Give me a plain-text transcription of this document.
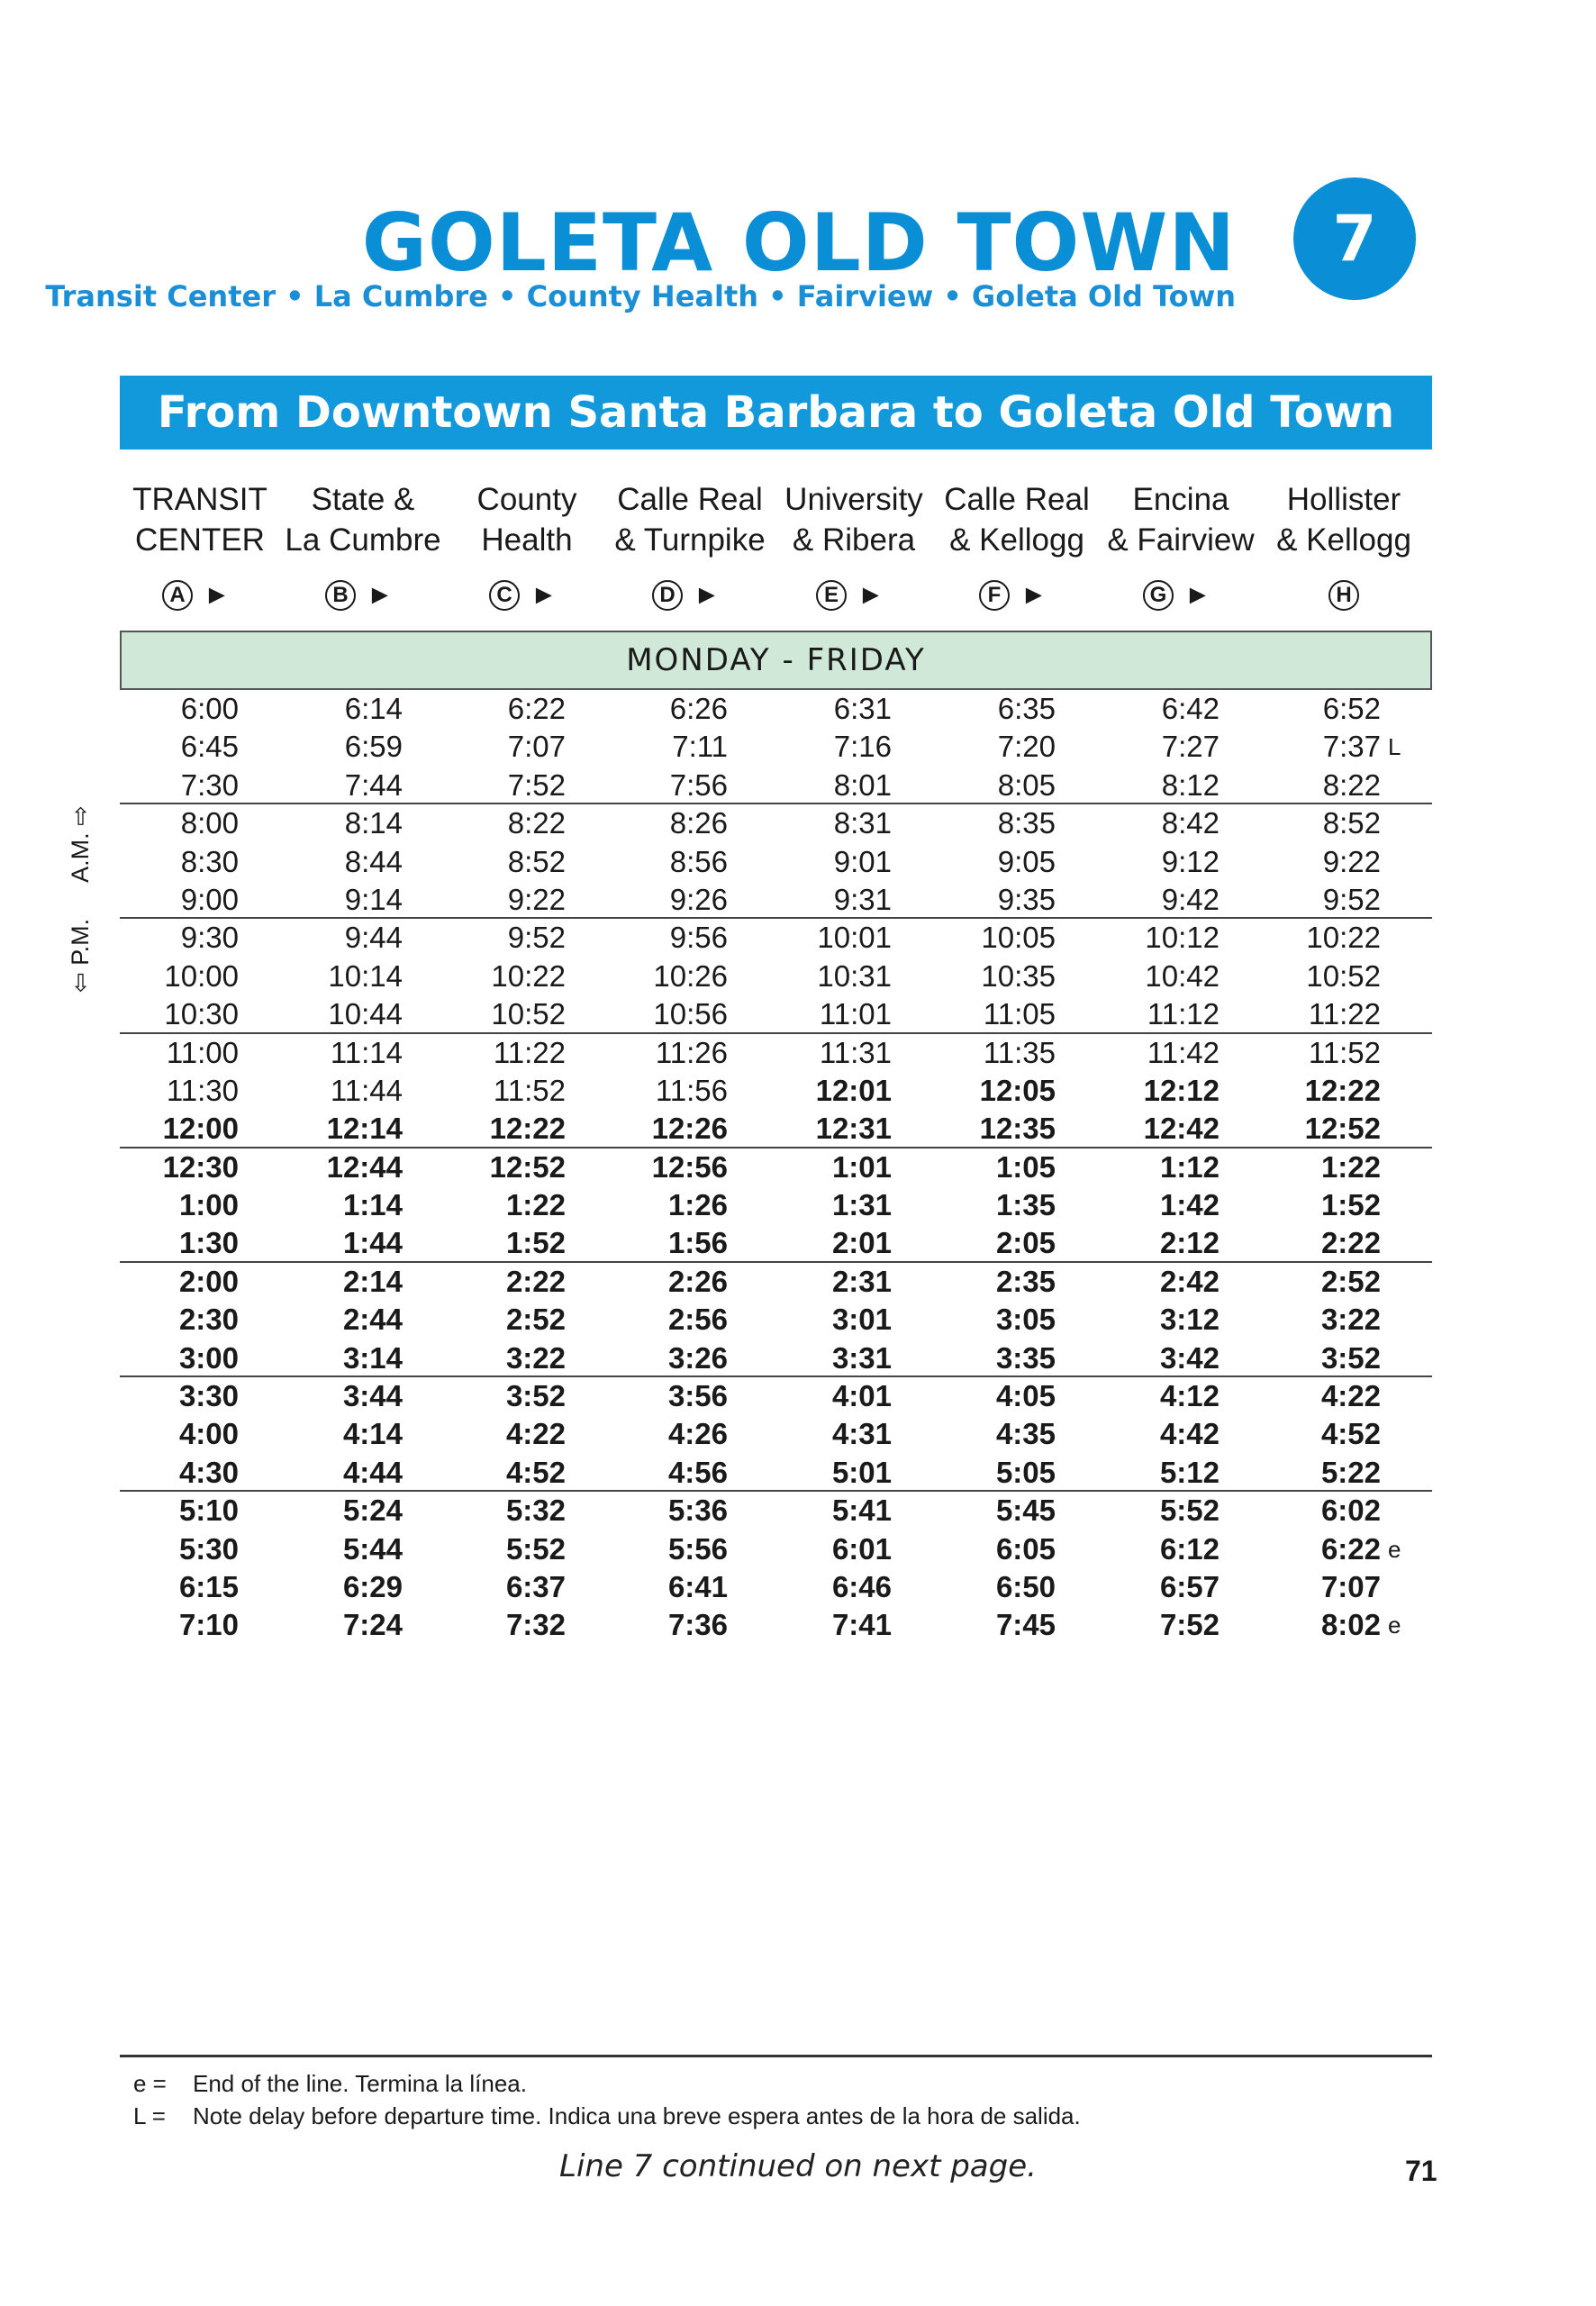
GOLETA OLD TOWN
Transit Center • La Cumbre • County Health • Fairview • Goleta Old Town
7
From Downtown Santa Barbara to Goleta Old Town
TRANSIT
CENTER
A ►
State &
La Cumbre
B ►
County
Health
C ►
Calle Real
& Turnpike
D ►
University
& Ribera
E ►
Calle Real
& Kellogg
F ►
Encina
& Fairview
G ►
Hollister
& Kellogg
H
MONDAY - FRIDAY
⇦ P.M.
A.M. ⇨
6:00	6:14	6:22	6:26	6:31	6:35	6:42	6:52
6:45	6:59	7:07	7:11	7:16	7:20	7:27	7:37 L
7:30	7:44	7:52	7:56	8:01	8:05	8:12	8:22
8:00	8:14	8:22	8:26	8:31	8:35	8:42	8:52
8:30	8:44	8:52	8:56	9:01	9:05	9:12	9:22
9:00	9:14	9:22	9:26	9:31	9:35	9:42	9:52
9:30	9:44	9:52	9:56	10:01	10:05	10:12	10:22
10:00	10:14	10:22	10:26	10:31	10:35	10:42	10:52
10:30	10:44	10:52	10:56	11:01	11:05	11:12	11:22
11:00	11:14	11:22	11:26	11:31	11:35	11:42	11:52
11:30	11:44	11:52	11:56	12:01	12:05	12:12	12:22
12:00	12:14	12:22	12:26	12:31	12:35	12:42	12:52
12:30	12:44	12:52	12:56	1:01	1:05	1:12	1:22
1:00	1:14	1:22	1:26	1:31	1:35	1:42	1:52
1:30	1:44	1:52	1:56	2:01	2:05	2:12	2:22
2:00	2:14	2:22	2:26	2:31	2:35	2:42	2:52
2:30	2:44	2:52	2:56	3:01	3:05	3:12	3:22
3:00	3:14	3:22	3:26	3:31	3:35	3:42	3:52
3:30	3:44	3:52	3:56	4:01	4:05	4:12	4:22
4:00	4:14	4:22	4:26	4:31	4:35	4:42	4:52
4:30	4:44	4:52	4:56	5:01	5:05	5:12	5:22
5:10	5:24	5:32	5:36	5:41	5:45	5:52	6:02
5:30	5:44	5:52	5:56	6:01	6:05	6:12	6:22 e
6:15	6:29	6:37	6:41	6:46	6:50	6:57	7:07
7:10	7:24	7:32	7:36	7:41	7:45	7:52	8:02 e
e = End of the line. Termina la línea.
L = Note delay before departure time. Indica una breve espera antes de la hora de salida.
Line 7 continued on next page.	71
